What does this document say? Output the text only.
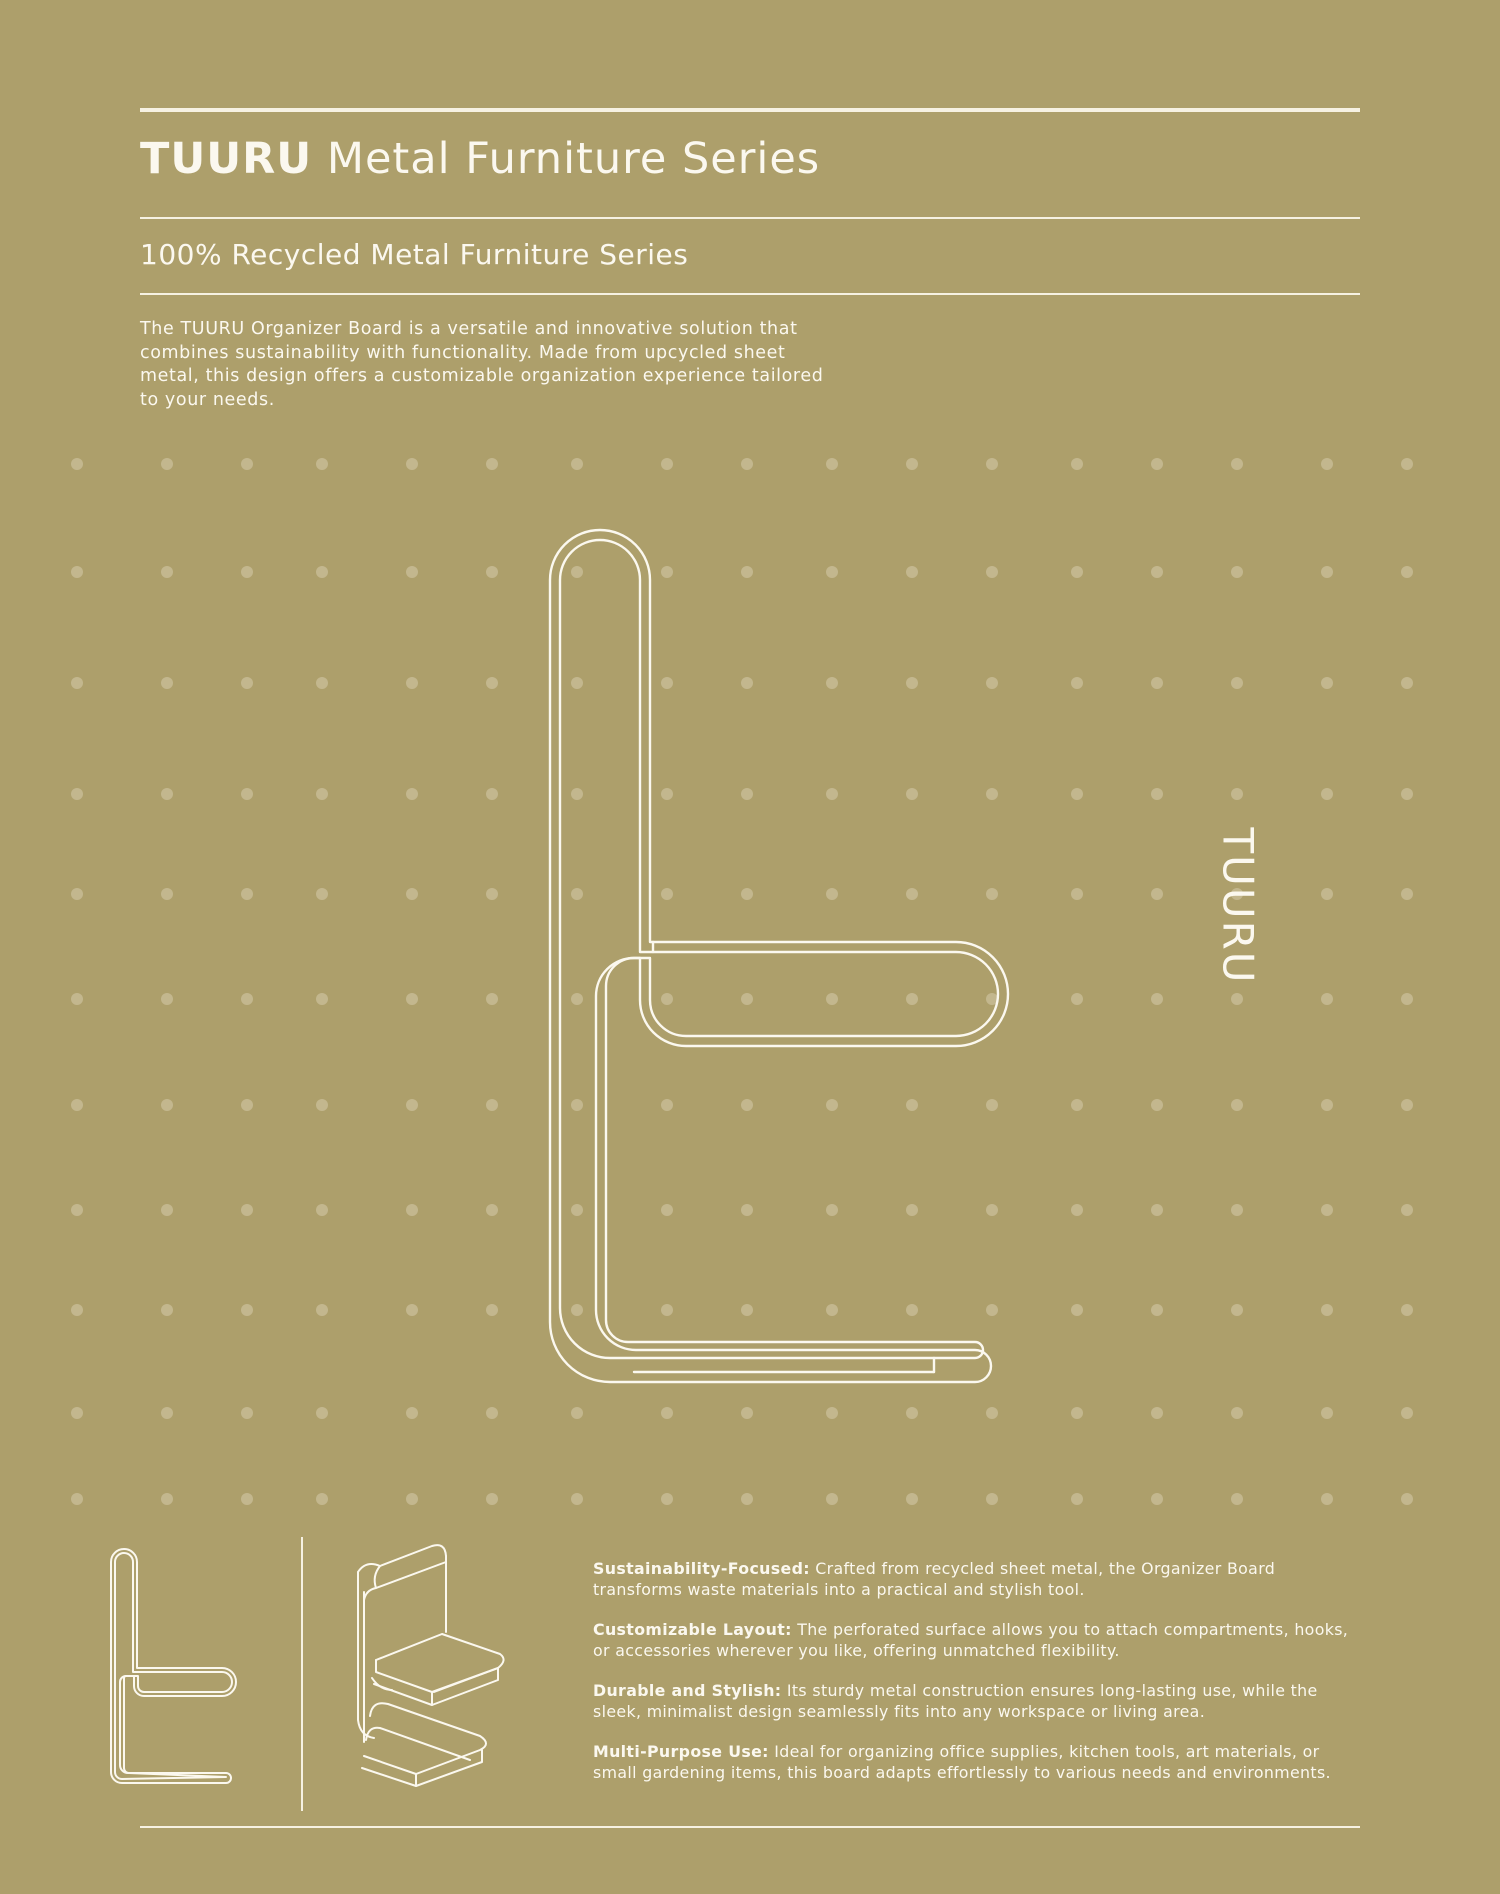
TUURU Metal Furniture Series
100% Recycled Metal Furniture Series
The TUURU Organizer Board is a versatile and innovative solution that combines sustainability with functionality. Made from upcycled sheet metal, this design offers a customizable organization experience tailored to your needs.
TUURU

Sustainability-Focused: Crafted from recycled sheet metal, the Organizer Board transforms waste materials into a practical and stylish tool.

Customizable Layout: The perforated surface allows you to attach compartments, hooks, or accessories wherever you like, offering unmatched flexibility.

Durable and Stylish: Its sturdy metal construction ensures long-lasting use, while the sleek, minimalist design seamlessly fits into any workspace or living area.

Multi-Purpose Use: Ideal for organizing office supplies, kitchen tools, art materials, or small gardening items, this board adapts effortlessly to various needs and environments.
